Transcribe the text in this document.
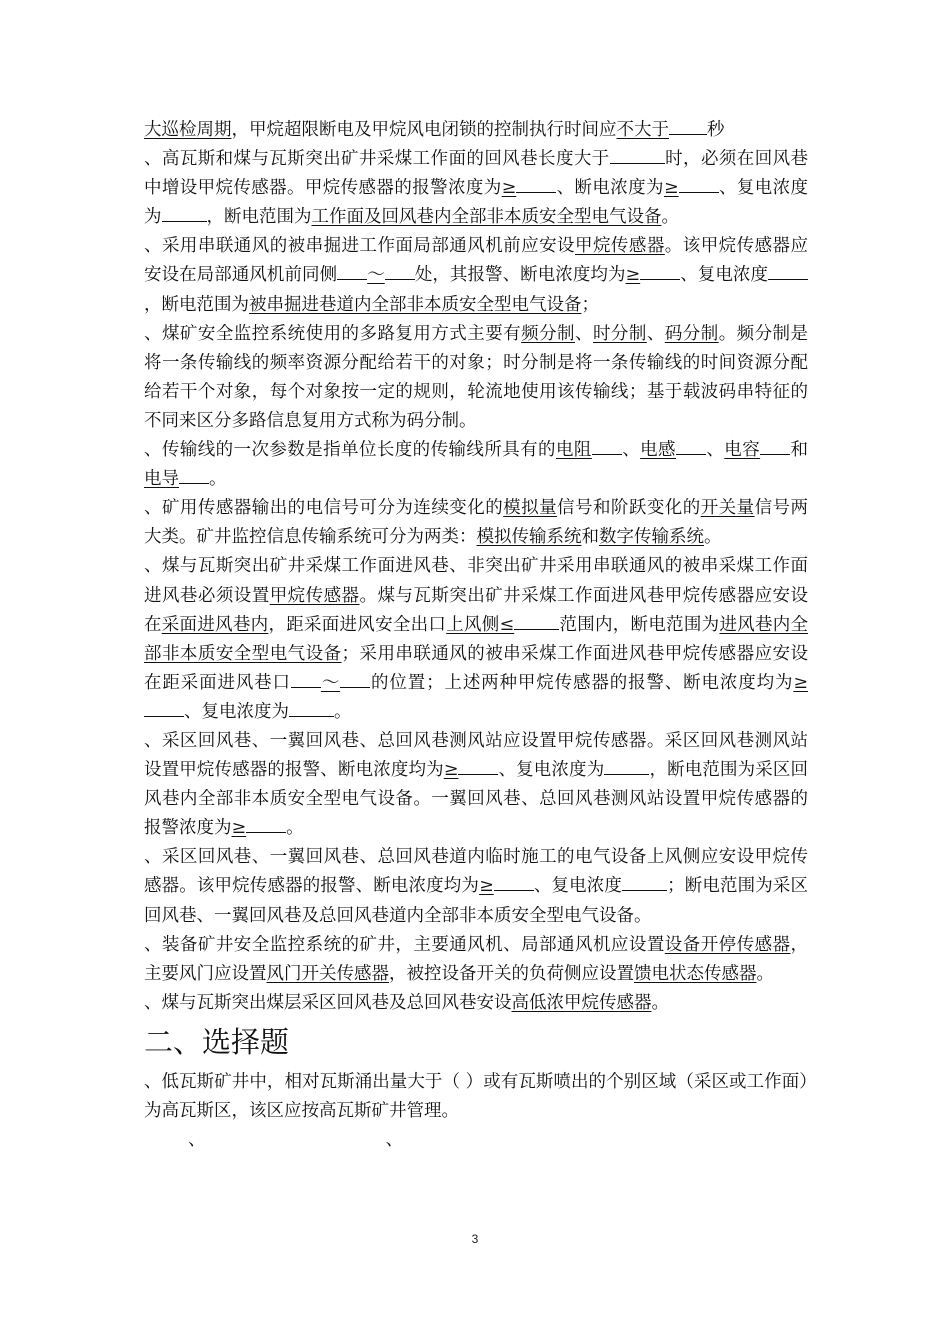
大巡检周期，甲烷超限断电及甲烷风电闭锁的控制执行时间应不大于 秒

、高瓦斯和煤与瓦斯突出矿井采煤工作面的回风巷长度大于	时，必须在回风巷中增设甲烷传感器。甲烷传感器的报警浓度为≥ 、断电浓度为≥ 、复电浓度为	，断电范围为工作面及回风巷内全部非本质安全型电气设备。

、采用串联通风的被串掘进工作面局部通风机前应安设甲烷传感器。该甲烷传感器应安设在局部通风机前同侧 ～ 处，其报警、断电浓度均为≥ 、复电浓度，断电范围为被串掘进巷道内全部非本质安全型电气设备；

、煤矿安全监控系统使用的多路复用方式主要有频分制、时分制、码分制。频分制是将一条传输线的频率资源分配给若干的对象；时分制是将一条传输线的时间资源分配给若干个对象，每个对象按一定的规则，轮流地使用该传输线；基于载波码串特征的不同来区分多路信息复用方式称为码分制。

、传输线的一次参数是指单位长度的传输线所具有的电阻 、电感 、电容 和电导 。

、矿用传感器输出的电信号可分为连续变化的模拟量信号和阶跃变化的开关量信号两大类。矿井监控信息传输系统可分为两类：模拟传输系统和数字传输系统。

、煤与瓦斯突出矿井采煤工作面进风巷、非突出矿井采用串联通风的被串采煤工作面进风巷必须设置甲烷传感器。煤与瓦斯突出矿井采煤工作面进风巷甲烷传感器应安设在采面进风巷内，距采面进风安全出口上风侧≤	范围内，断电范围为进风巷内全部非本质安全型电气设备；采用串联通风的被串采煤工作面进风巷甲烷传感器应安设在距采面进风巷口 ～ 的位置；上述两种甲烷传感器的报警、断电浓度均为≥、复电浓度为	。

、采区回风巷、一翼回风巷、总回风巷测风站应设置甲烷传感器。采区回风巷测风站设置甲烷传感器的报警、断电浓度均为≥ 、复电浓度为	，断电范围为采区回风巷内全部非本质安全型电气设备。一翼回风巷、总回风巷测风站设置甲烷传感器的报警浓度为≥ 。

、采区回风巷、一翼回风巷、总回风巷道内临时施工的电气设备上风侧应安设甲烷传感器。该甲烷传感器的报警、断电浓度均为≥ 、复电浓度	；断电范围为采区回风巷、一翼回风巷及总回风巷道内全部非本质安全型电气设备。

、装备矿井安全监控系统的矿井，主要通风机、局部通风机应设置设备开停传感器，主要风门应设置风门开关传感器，被控设备开关的负荷侧应设置馈电状态传感器。

、煤与瓦斯突出煤层采区回风巷及总回风巷安设高低浓甲烷传感器。

二、选择题

、低瓦斯矿井中，相对瓦斯涌出量大于（ ）或有瓦斯喷出的个别区域（采区或工作面）为高瓦斯区，该区应按高瓦斯矿井管理。

、	、

3
